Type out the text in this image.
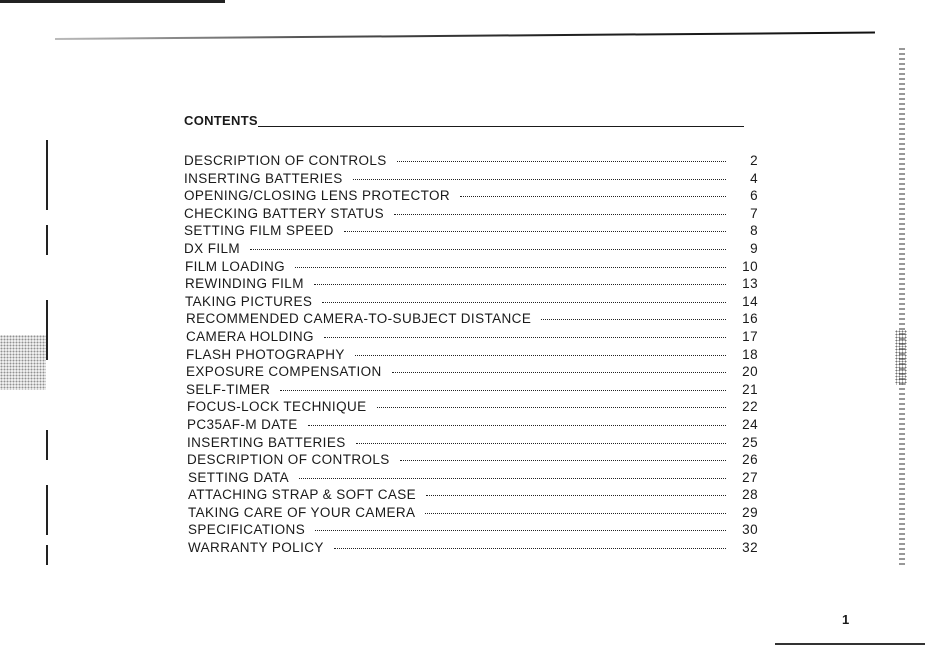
CONTENTS
DESCRIPTION OF CONTROLS	2
INSERTING BATTERIES	4
OPENING/CLOSING LENS PROTECTOR	6
CHECKING BATTERY STATUS	7
SETTING FILM SPEED	8
DX FILM	9
FILM LOADING	10
REWINDING FILM	13
TAKING PICTURES	14
RECOMMENDED CAMERA-TO-SUBJECT DISTANCE	16
CAMERA HOLDING	17
FLASH PHOTOGRAPHY	18
EXPOSURE COMPENSATION	20
SELF-TIMER	21
FOCUS-LOCK TECHNIQUE	22
PC35AF-M DATE	24
INSERTING BATTERIES	25
DESCRIPTION OF CONTROLS	26
SETTING DATA	27
ATTACHING STRAP & SOFT CASE	28
TAKING CARE OF YOUR CAMERA	29
SPECIFICATIONS	30
WARRANTY POLICY	32
1
